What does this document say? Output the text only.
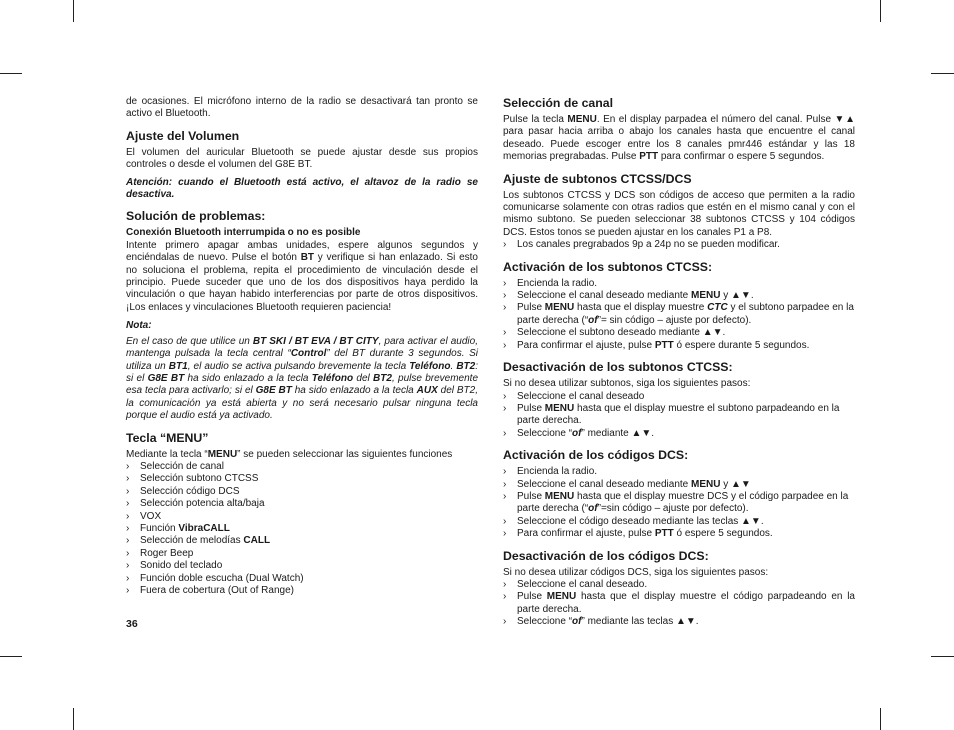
de ocasiones. El micrófono interno de la radio se desactivará tan pronto se activo el Bluetooth.

Ajuste del Volumen

El volumen del auricular Bluetooth se puede ajustar desde sus propios controles o desde el volumen del G8E BT.

Atención: cuando el Bluetooth está activo, el altavoz de la radio se desactiva.

Solución de problemas:
Conexión Bluetooth interrumpida o no es posible

Intente primero apagar ambas unidades, espere algunos segundos y enciéndalas de nuevo. Pulse el botón BT y verifique si han enlazado. Si esto no soluciona el problema, repita el procedimiento de vinculación desde el principio. Puede suceder que uno de los dos dispositivos haya perdido la vinculación o que hayan habido interferencias por parte de otros dispositivos. ¡Los enlaces y vinculaciones Bluetooth requieren paciencia!

Nota:

En el caso de que utilice un BT SKI / BT EVA / BT CITY, para activar el audio, mantenga pulsada la tecla central “Control” del BT durante 3 segundos. Si utiliza un BT1, el audio se activa pulsando brevemente la tecla Teléfono. BT2: si el G8E BT ha sido enlazado a la tecla Teléfono del BT2, pulse brevemente esa tecla para activarlo; si el G8E BT ha sido enlazado a la tecla AUX del BT2, la comunicación ya está abierta y no será necesario pulsar ninguna tecla porque el audio está ya activado.

Tecla “MENU”

Mediante la tecla “MENU” se pueden seleccionar las siguientes funciones

› Selección de canal
› Selección subtono CTCSS
› Selección código DCS
› Selección potencia alta/baja
› VOX
› Función VibraCALL
› Selección de melodías CALL
› Roger Beep
› Sonido del teclado
› Función doble escucha (Dual Watch)
› Fuera de cobertura (Out of Range)
Selección de canal

Pulse la tecla MENU. En el display parpadea el número del canal. Pulse ▼▲ para pasar hacia arriba o abajo los canales hasta que encuentre el canal deseado. Puede escoger entre los 8 canales pmr446 estándar y las 18 memorias pregrabadas. Pulse PTT para confirmar o espere 5 segundos.

Ajuste de subtonos CTCSS/DCS

Los subtonos CTCSS y DCS son códigos de acceso que permiten a la radio comunicarse solamente con otras radios que estén en el mismo canal y con el mismo subtono. Se pueden seleccionar 38 subtonos CTCSS y 104 códigos DCS. Estos tonos se pueden ajustar en los canales P1 a P8.

› Los canales pregrabados 9p a 24p no se pueden modificar.
Activación de los subtonos CTCSS:
› Encienda la radio.
› Seleccione el canal deseado mediante MENU y ▲▼.
› Pulse MENU hasta que el display muestre CTC y el subtono parpadee en la parte derecha (“of”= sin código – ajuste por defecto).
› Seleccione el subtono deseado mediante ▲▼.
› Para confirmar el ajuste, pulse PTT ó espere durante 5 segundos.
Desactivación de los subtonos CTCSS:

Si no desea utilizar subtonos, siga los siguientes pasos:

› Seleccione el canal deseado
› Pulse MENU hasta que el display muestre el subtono parpadeando en la parte derecha.
› Seleccione “of” mediante ▲▼.
Activación de los códigos DCS:
› Encienda la radio.
› Seleccione el canal deseado mediante MENU y ▲▼
› Pulse MENU hasta que el display muestre DCS y el código parpadee en la parte derecha (“of”=sin código – ajuste por defecto).
› Seleccione el código deseado mediante las teclas ▲▼.
› Para confirmar el ajuste, pulse PTT ó espere 5 segundos.
Desactivación de los códigos DCS:

Si no desea utilizar códigos DCS, siga los siguientes pasos:

› Seleccione el canal deseado.
› Pulse MENU hasta que el display muestre el código parpadeando en la parte derecha.
› Seleccione “of” mediante las teclas ▲▼.
36
